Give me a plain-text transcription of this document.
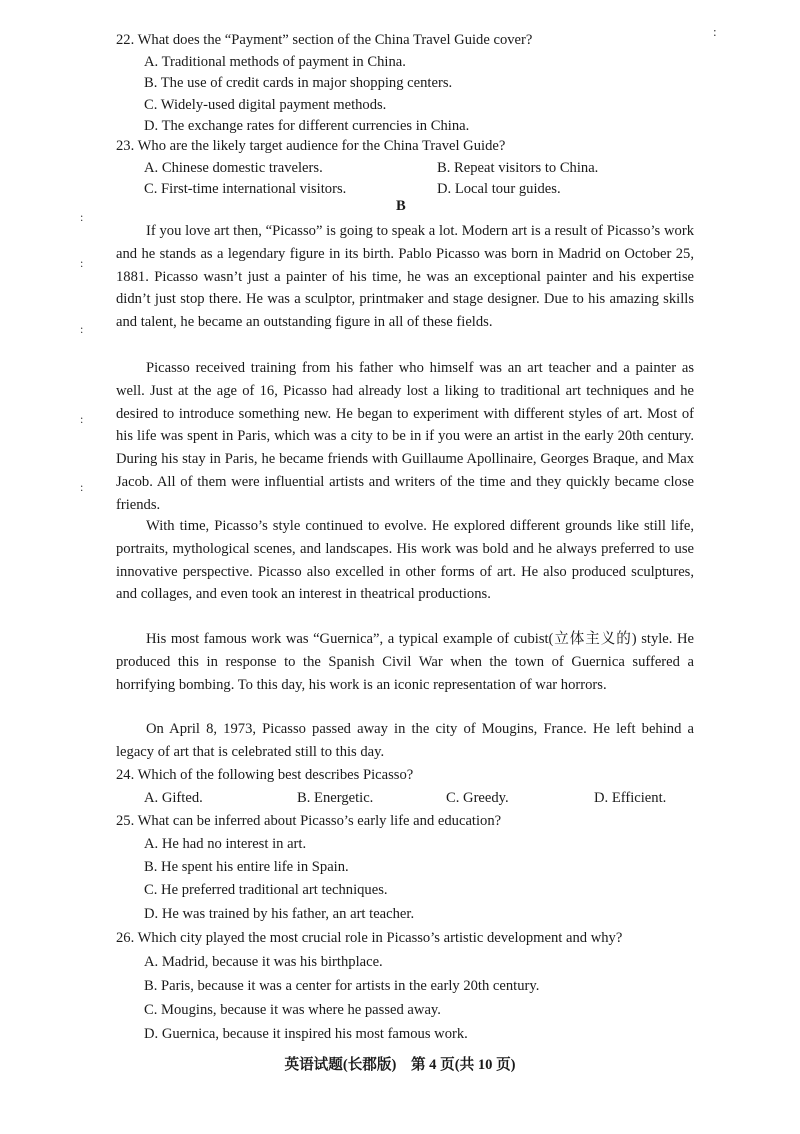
:
:
:
:
:
:
22. What does the “Payment” section of the China Travel Guide cover?
A. Traditional methods of payment in China.
B. The use of credit cards in major shopping centers.
C. Widely-used digital payment methods.
D. The exchange rates for different currencies in China.
23. Who are the likely target audience for the China Travel Guide?
A. Chinese domestic travelers.	B. Repeat visitors to China.
C. First-time international visitors.	D. Local tour guides.
B

If you love art then, “Picasso” is going to speak a lot. Modern art is a result of Picasso’s work and he stands as a legendary figure in its birth. Pablo Picasso was born in Madrid on October 25, 1881. Picasso wasn’t just a painter of his time, he was an exceptional painter and his expertise didn’t just stop there. He was a sculptor, printmaker and stage designer. Due to his amazing skills and talent, he became an outstanding figure in all of these fields.

Picasso received training from his father who himself was an art teacher and a painter as well. Just at the age of 16, Picasso had already lost a liking to traditional art techniques and he desired to introduce something new. He began to experiment with different styles of art. Most of his life was spent in Paris, which was a city to be in if you were an artist in the early 20th century. During his stay in Paris, he became friends with Guillaume Apollinaire, Georges Braque, and Max Jacob. All of them were influential artists and writers of the time and they quickly became close friends.

With time, Picasso’s style continued to evolve. He explored different grounds like still life, portraits, mythological scenes, and landscapes. His work was bold and he always preferred to use innovative perspective. Picasso also excelled in other forms of art. He also produced sculptures, and collages, and even took an interest in theatrical productions.

His most famous work was “Guernica”, a typical example of cubist(立体主义的) style. He produced this in response to the Spanish Civil War when the town of Guernica suffered a horrifying bombing. To this day, his work is an iconic representation of war horrors.

On April 8, 1973, Picasso passed away in the city of Mougins, France. He left behind a legacy of art that is celebrated still to this day.

24. Which of the following best describes Picasso?
A. Gifted.	B. Energetic.	C. Greedy.	D. Efficient.
25. What can be inferred about Picasso’s early life and education?
A. He had no interest in art.
B. He spent his entire life in Spain.
C. He preferred traditional art techniques.
D. He was trained by his father, an art teacher.
26. Which city played the most crucial role in Picasso’s artistic development and why?
A. Madrid, because it was his birthplace.
B. Paris, because it was a center for artists in the early 20th century.
C. Mougins, because it was where he passed away.
D. Guernica, because it inspired his most famous work.
英语试题(长郡版)　第 4 页(共 10 页)
